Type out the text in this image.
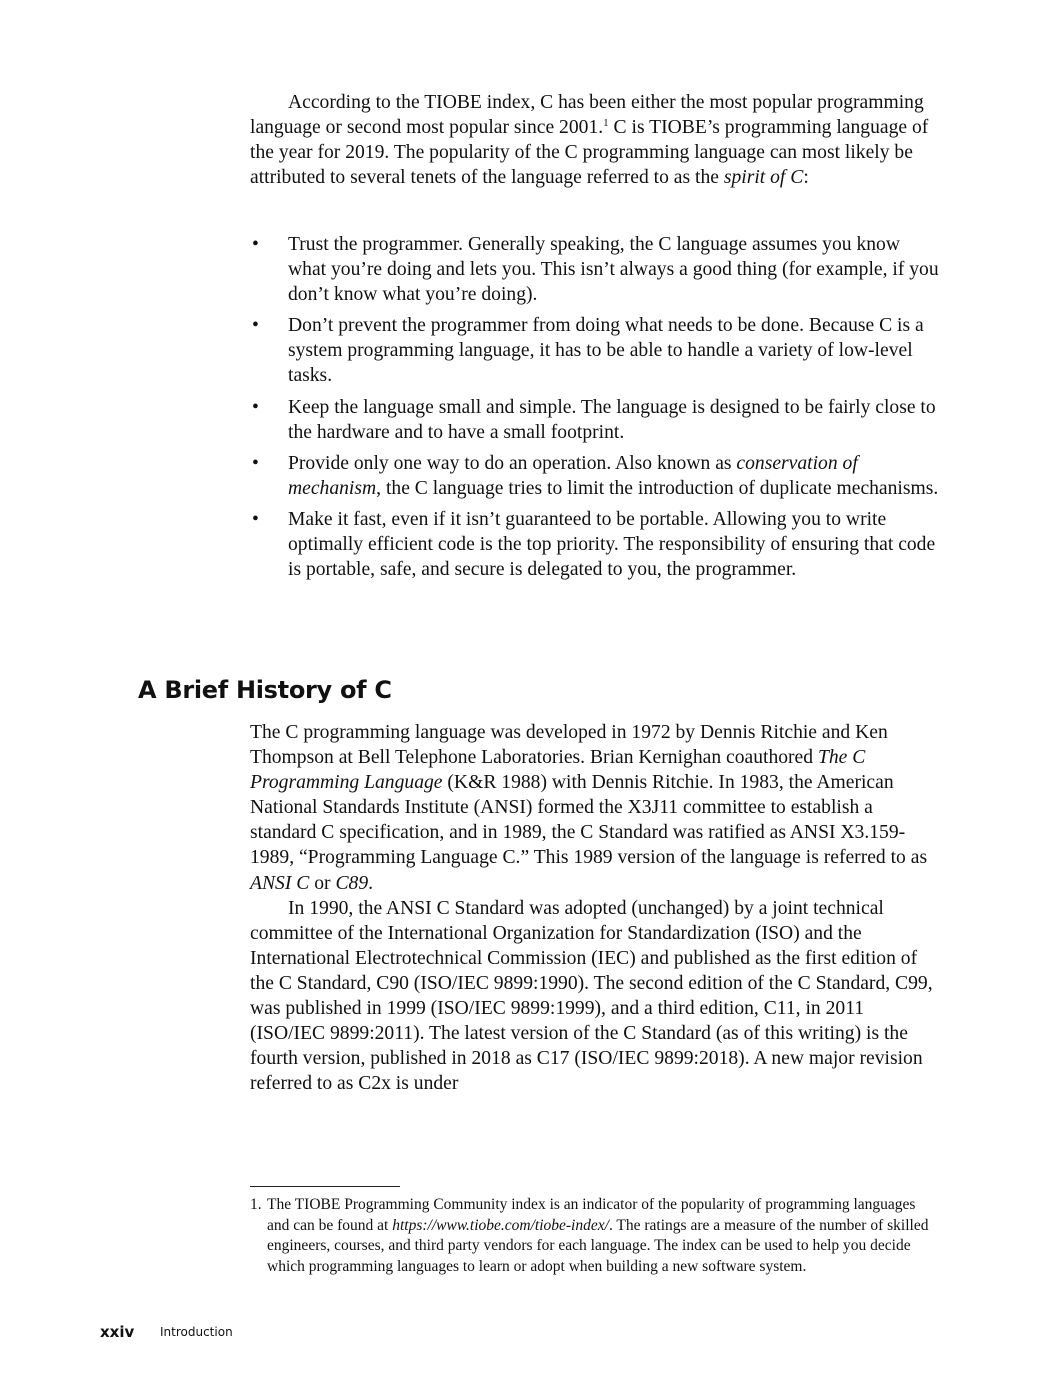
According to the TIOBE index, C has been either the most popular programming language or second most popular since 2001.$^1$ C is TIOBE’s programming language of the year for 2019. The popularity of the C programming language can most likely be attributed to several tenets of the language referred to as the spirit of C:

• Trust the programmer. Generally speaking, the C language assumes you know what you’re doing and lets you. This isn’t always a good thing (for example, if you don’t know what you’re doing).
• Don’t prevent the programmer from doing what needs to be done. Because C is a system programming language, it has to be able to handle a variety of low-level tasks.
• Keep the language small and simple. The language is designed to be fairly close to the hardware and to have a small footprint.
• Provide only one way to do an operation. Also known as conservation of mechanism, the C language tries to limit the introduction of duplicate mechanisms.
• Make it fast, even if it isn’t guaranteed to be portable. Allowing you to write optimally efficient code is the top priority. The responsibility of ensuring that code is portable, safe, and secure is delegated to you, the programmer.
A Brief History of C

The C programming language was developed in 1972 by Dennis Ritchie and Ken Thompson at Bell Telephone Laboratories. Brian Kernighan coauthored The C Programming Language (K&R 1988) with Dennis Ritchie. In 1983, the American National Standards Institute (ANSI) formed the X3J11 committee to establish a standard C specification, and in 1989, the C Standard was ratified as ANSI X3.159-1989, “Programming Language C.” This 1989 version of the language is referred to as ANSI C or C89.

In 1990, the ANSI C Standard was adopted (unchanged) by a joint technical committee of the International Organization for Standardization (ISO) and the International Electrotechnical Commission (IEC) and published as the first edition of the C Standard, C90 (ISO/IEC 9899:1990). The second edition of the C Standard, C99, was published in 1999 (ISO/IEC 9899:1999), and a third edition, C11, in 2011 (ISO/IEC 9899:2011). The latest version of the C Standard (as of this writing) is the fourth version, published in 2018 as C17 (ISO/IEC 9899:2018). A new major revision referred to as C2x is under

1. The TIOBE Programming Community index is an indicator of the popularity of programming languages and can be found at https://www.tiobe.com/tiobe-index/. The ratings are a measure of the number of skilled engineers, courses, and third party vendors for each language. The index can be used to help you decide which programming languages to learn or adopt when building a new software system.
xxiv Introduction
